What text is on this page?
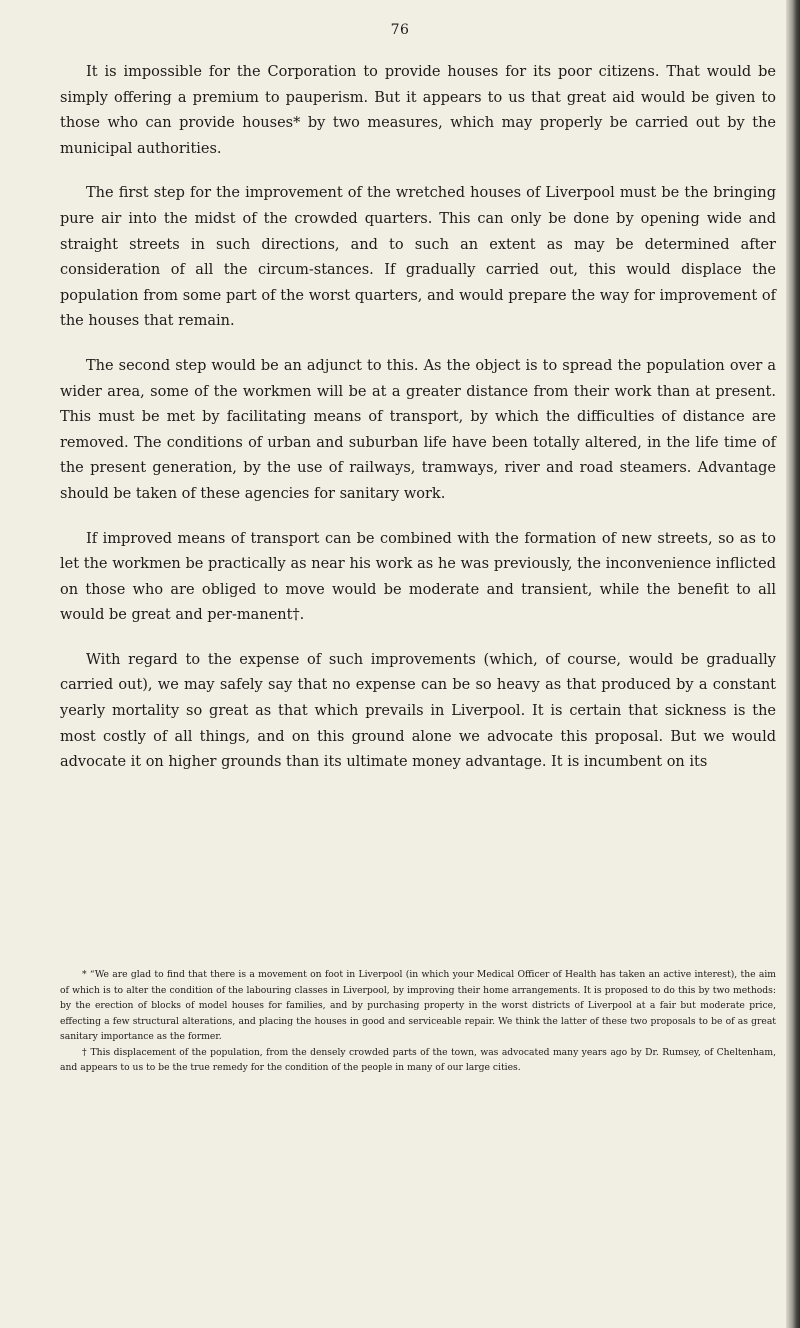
76

It is impossible for the Corporation to provide houses for its poor citizens. That would be simply offering a premium to pauperism. But it appears to us that great aid would be given to those who can provide houses* by two measures, which may properly be carried out by the municipal authorities.

The first step for the improvement of the wretched houses of Liverpool must be the bringing pure air into the midst of the crowded quarters. This can only be done by opening wide and straight streets in such directions, and to such an extent as may be determined after consideration of all the circum-stances. If gradually carried out, this would displace the population from some part of the worst quarters, and would prepare the way for improvement of the houses that remain.

The second step would be an adjunct to this. As the object is to spread the population over a wider area, some of the workmen will be at a greater distance from their work than at present. This must be met by facilitating means of transport, by which the difficulties of distance are removed. The conditions of urban and suburban life have been totally altered, in the life time of the present generation, by the use of railways, tramways, river and road steamers. Advantage should be taken of these agencies for sanitary work.

If improved means of transport can be combined with the formation of new streets, so as to let the workmen be practically as near his work as he was previously, the inconvenience inflicted on those who are obliged to move would be moderate and transient, while the benefit to all would be great and per-manent†.

With regard to the expense of such improvements (which, of course, would be gradually carried out), we may safely say that no expense can be so heavy as that produced by a constant yearly mortality so great as that which prevails in Liverpool. It is certain that sickness is the most costly of all things, and on this ground alone we advocate this proposal. But we would advocate it on higher grounds than its ultimate money advantage. It is incumbent on its

* “We are glad to find that there is a movement on foot in Liverpool (in which your Medical Officer of Health has taken an active interest), the aim of which is to alter the condition of the labouring classes in Liverpool, by improving their home arrangements. It is proposed to do this by two methods: by the erection of blocks of model houses for families, and by purchasing property in the worst districts of Liverpool at a fair but moderate price, effecting a few structural alterations, and placing the houses in good and serviceable repair. We think the latter of these two proposals to be of as great sanitary importance as the former.

† This displacement of the population, from the densely crowded parts of the town, was advocated many years ago by Dr. Rumsey, of Cheltenham, and appears to us to be the true remedy for the condition of the people in many of our large cities.
